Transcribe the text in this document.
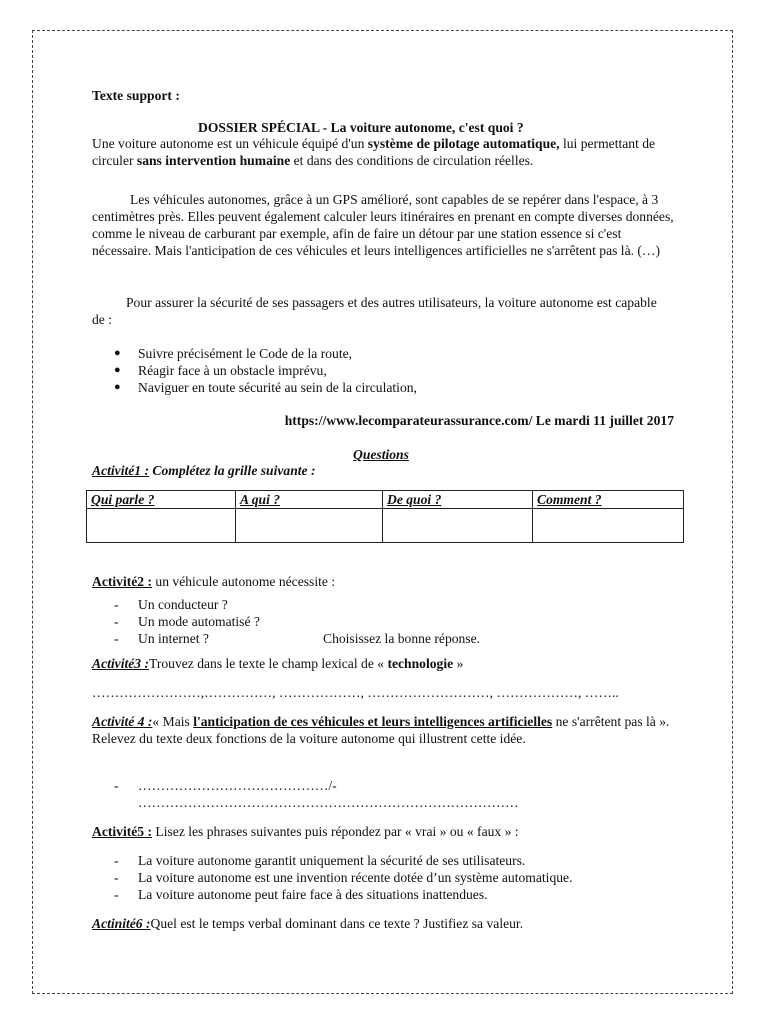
Texte support :
DOSSIER SPÉCIAL - La voiture autonome, c'est quoi ?
Une voiture autonome est un véhicule équipé d'un système de pilotage automatique, lui permettant de circuler sans intervention humaine et dans des conditions de circulation réelles.
Les véhicules autonomes, grâce à un GPS amélioré, sont capables de se repérer dans l'espace, à 3 centimètres près. Elles peuvent également calculer leurs itinéraires en prenant en compte diverses données, comme le niveau de carburant par exemple, afin de faire un détour par une station essence si c'est nécessaire. Mais l'anticipation de ces véhicules et leurs intelligences artificielles ne s'arrêtent pas là. (…)
Pour assurer la sécurité de ses passagers et des autres utilisateurs, la voiture autonome est capable de :
● Suivre précisément le Code de la route,
● Réagir face à un obstacle imprévu,
● Naviguer en toute sécurité au sein de la circulation,
https://www.lecomparateurassurance.com/ Le mardi 11 juillet 2017
Questions
Activité1 : Complétez la grille suivante :
Qui parle ?	A qui ?	De quoi ?	Comment ?

Activité2 : un véhicule autonome nécessite :
- Un conducteur ?
- Un mode automatisé ?
- Un internet ?	Choisissez la bonne réponse.
Activité3 :Trouvez dans le texte le champ lexical de « technologie »
……………………,……………, ………………, ………………………, ………………, ……..
Activité 4 :« Mais l'anticipation de ces véhicules et leurs intelligences artificielles ne s'arrêtent pas là ». Relevez du texte deux fonctions de la voiture autonome qui illustrent cette idée.
- ……………………………………/-
…………………………………………………………………………
Activité5 : Lisez les phrases suivantes puis répondez par « vrai » ou « faux » :
- La voiture autonome garantit uniquement la sécurité de ses utilisateurs.
- La voiture autonome est une invention récente dotée d’un système automatique.
- La voiture autonome peut faire face à des situations inattendues.
Actinité6 :Quel est le temps verbal dominant dans ce texte ? Justifiez sa valeur.
